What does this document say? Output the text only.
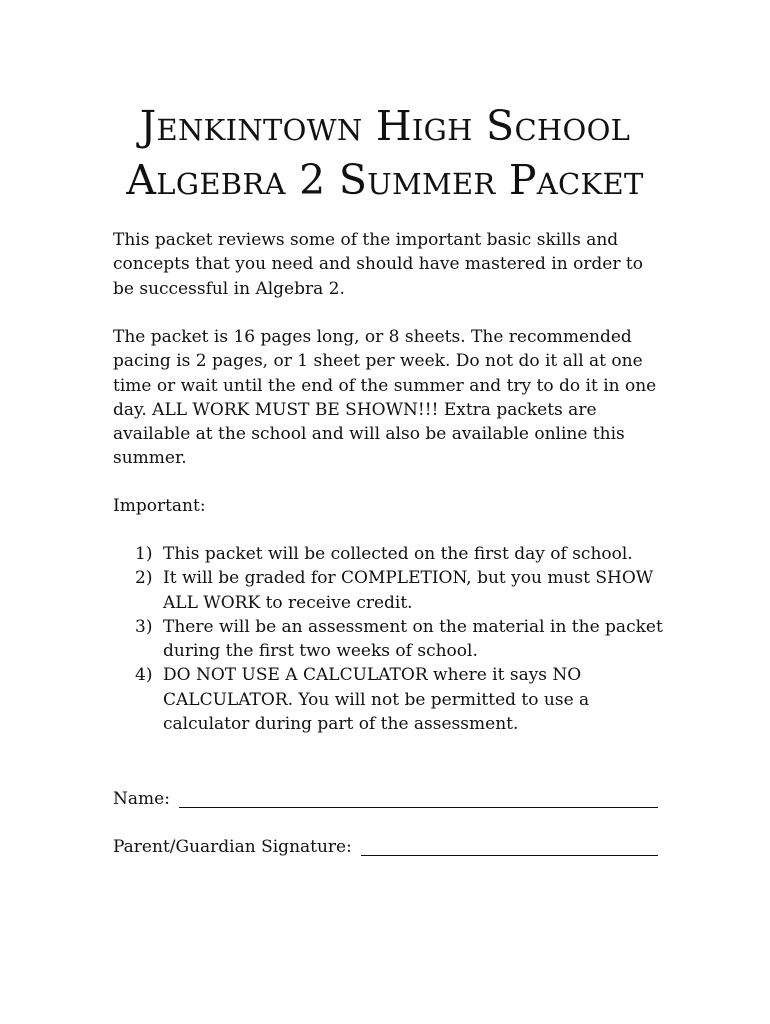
Jenkintown High School
Algebra 2 Summer Packet

This packet reviews some of the important basic skills and concepts that you need and should have mastered in order to be successful in Algebra 2.

The packet is 16 pages long, or 8 sheets. The recommended pacing is 2 pages, or 1 sheet per week. Do not do it all at one time or wait until the end of the summer and try to do it in one day. ALL WORK MUST BE SHOWN!!! Extra packets are available at the school and will also be available online this summer.

Important:

1) This packet will be collected on the first day of school.
2) It will be graded for COMPLETION, but you must SHOW ALL WORK to receive credit.
3) There will be an assessment on the material in the packet during the first two weeks of school.
4) DO NOT USE A CALCULATOR where it says NO CALCULATOR. You will not be permitted to use a calculator during part of the assessment.
Name:
Parent/Guardian Signature:
